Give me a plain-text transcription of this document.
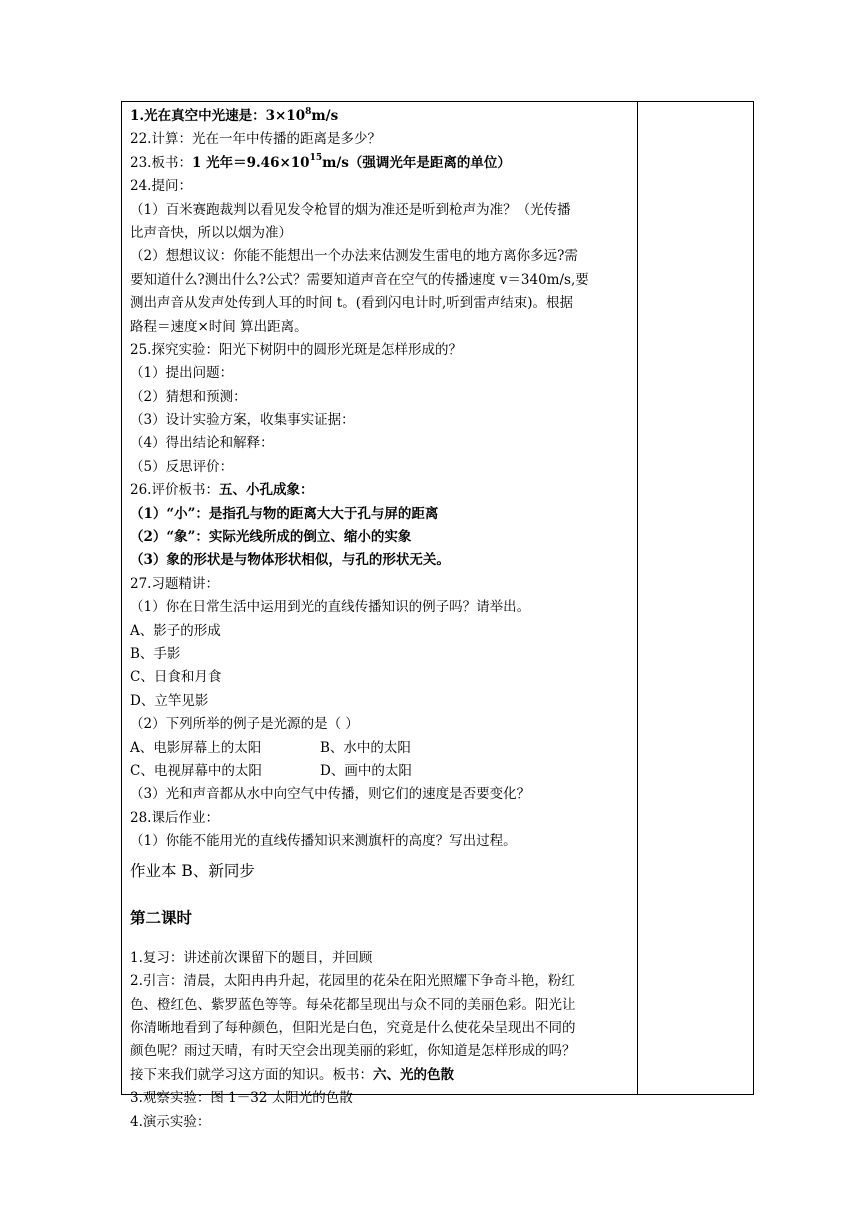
1.光在真空中光速是：$3\times 10^8m/s$
22.计算：光在一年中传播的距离是多少？
23.板书：1 光年$=9.46\times 10^{15}m/s$（强调光年是距离的单位）
24.提问：
（1）百米赛跑裁判以看见发令枪冒的烟为准还是听到枪声为准？（光传播
比声音快，所以以烟为准）
（2）想想议议：你能不能想出一个办法来估测发生雷电的地方离你多远?需
要知道什么?测出什么?公式？需要知道声音在空气的传播速度 v＝340m/s,要
测出声音从发声处传到人耳的时间 t。(看到闪电计时,听到雷声结束)。根据
路程＝速度×时间 算出距离。
25.探究实验：阳光下树阴中的圆形光斑是怎样形成的？
（1）提出问题：
（2）猜想和预测：
（3）设计实验方案，收集事实证据：
（4）得出结论和解释：
（5）反思评价：
26.评价板书：五、小孔成象：
（1）“小”：是指孔与物的距离大大于孔与屏的距离
（2）“象”：实际光线所成的倒立、缩小的实象
（3）象的形状是与物体形状相似，与孔的形状无关。
27.习题精讲：
（1）你在日常生活中运用到光的直线传播知识的例子吗？请举出。
A、影子的形成
B、手影
C、日食和月食
D、立竿见影
（2）下列所举的例子是光源的是（ ）
A、电影屏幕上的太阳	B、水中的太阳
C、电视屏幕中的太阳	D、画中的太阳
（3）光和声音都从水中向空气中传播，则它们的速度是否要变化？
28.课后作业：
（1）你能不能用光的直线传播知识来测旗杆的高度？写出过程。
作业本 B、新同步
第二课时
1.复习：讲述前次课留下的题目，并回顾
2.引言：清晨，太阳冉冉升起，花园里的花朵在阳光照耀下争奇斗艳，粉红
色、橙红色、紫罗蓝色等等。每朵花都呈现出与众不同的美丽色彩。阳光让
你清晰地看到了每种颜色，但阳光是白色，究竟是什么使花朵呈现出不同的
颜色呢？雨过天晴，有时天空会出现美丽的彩虹，你知道是怎样形成的吗？
接下来我们就学习这方面的知识。板书：六、光的色散
3.观察实验：图 1－32 太阳光的色散
4.演示实验：
